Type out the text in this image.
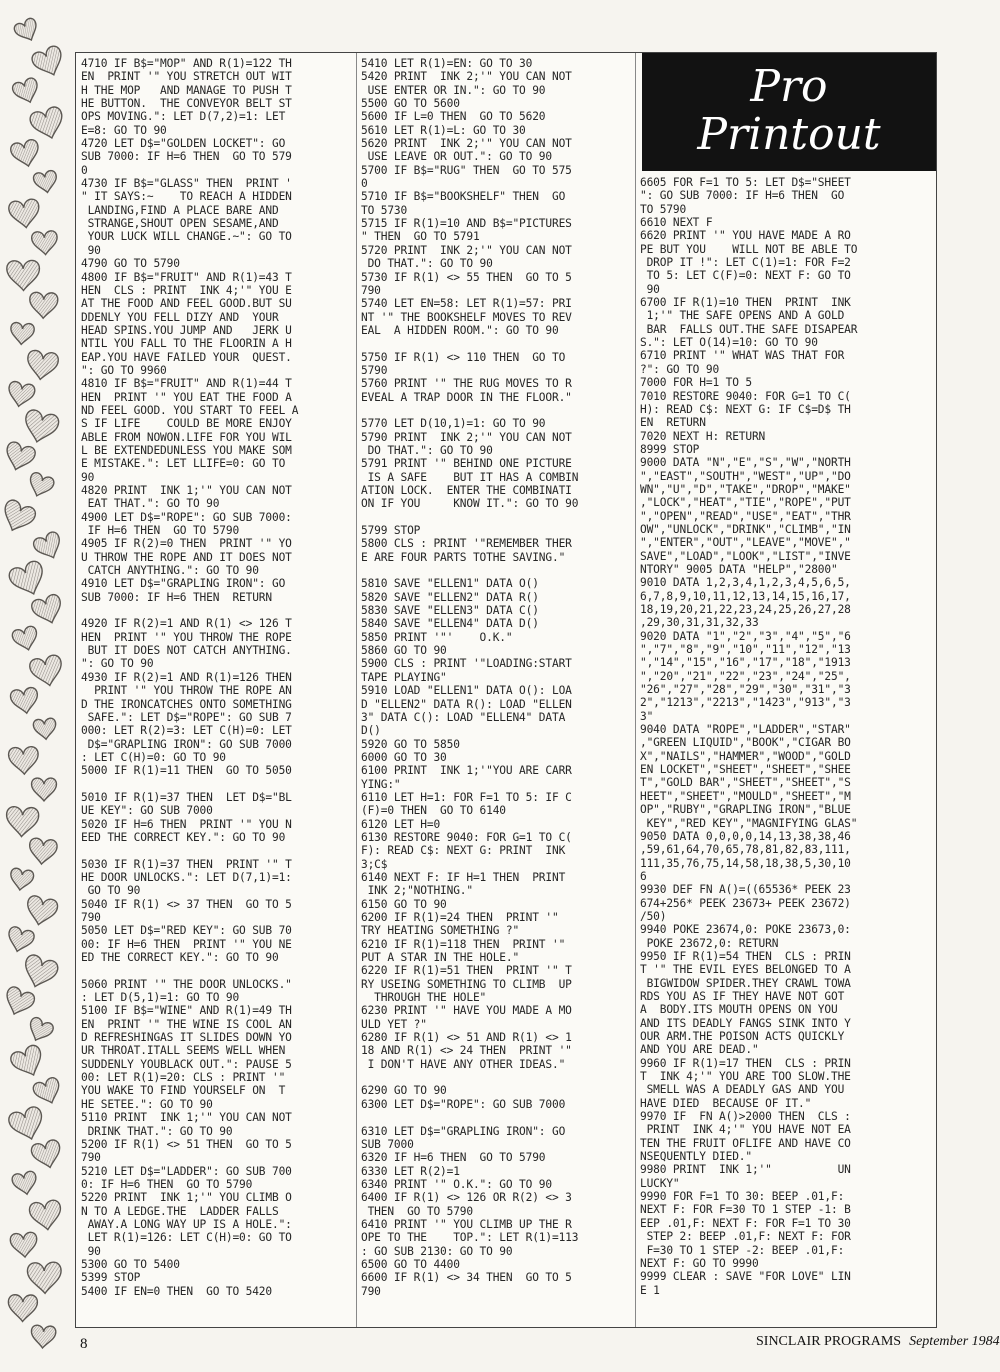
4710 IF B$="MOP" AND R(1)=122 TH
EN  PRINT '" YOU STRETCH OUT WIT
H THE MOP   AND MANAGE TO PUSH T
HE BUTTON.  THE CONVEYOR BELT ST
OPS MOVING.": LET D(7,2)=1: LET
E=8: GO TO 90
4720 LET D$="GOLDEN LOCKET": GO
SUB 7000: IF H=6 THEN  GO TO 579
0
4730 IF B$="GLASS" THEN  PRINT '
" IT SAYS:~    TO REACH A HIDDEN
LANDING,FIND A PLACE BARE AND
STRANGE,SHOUT OPEN SESAME,AND
YOUR LUCK WILL CHANGE.~": GO TO
90
4790 GO TO 5790
4800 IF B$="FRUIT" AND R(1)=43 T
HEN  CLS : PRINT  INK 4;'" YOU E
AT THE FOOD AND FEEL GOOD.BUT SU
DDENLY YOU FELL DIZY AND  YOUR
HEAD SPINS.YOU JUMP AND   JERK U
NTIL YOU FALL TO THE FLOORIN A H
EAP.YOU HAVE FAILED YOUR  QUEST.
": GO TO 9960
4810 IF B$="FRUIT" AND R(1)=44 T
HEN  PRINT '" YOU EAT THE FOOD A
ND FEEL GOOD. YOU START TO FEEL A
S IF LIFE    COULD BE MORE ENJOY
ABLE FROM NOWON.LIFE FOR YOU WIL
L BE EXTENDEDUNLESS YOU MAKE SOM
E MISTAKE.": LET LLIFE=0: GO TO
90
4820 PRINT  INK 1;'" YOU CAN NOT
EAT THAT.": GO TO 90
4900 LET D$="ROPE": GO SUB 7000:
IF H=6 THEN  GO TO 5790
4905 IF R(2)=0 THEN  PRINT '" YO
U THROW THE ROPE AND IT DOES NOT
CATCH ANYTHING.": GO TO 90
4910 LET D$="GRAPLING IRON": GO
SUB 7000: IF H=6 THEN  RETURN

4920 IF R(2)=1 AND R(1) <> 126 T
HEN  PRINT '" YOU THROW THE ROPE
BUT IT DOES NOT CATCH ANYTHING.
": GO TO 90
4930 IF R(2)=1 AND R(1)=126 THEN
PRINT '" YOU THROW THE ROPE AN
D THE IRONCATCHES ONTO SOMETHING
SAFE.": LET D$="ROPE": GO SUB 7
000: LET R(2)=3: LET C(H)=0: LET
D$="GRAPLING IRON": GO SUB 7000
: LET C(H)=0: GO TO 90
5000 IF R(1)=11 THEN  GO TO 5050

5010 IF R(1)=37 THEN  LET D$="BL
UE KEY": GO SUB 7000
5020 IF H=6 THEN  PRINT '" YOU N
EED THE CORRECT KEY.": GO TO 90

5030 IF R(1)=37 THEN  PRINT '" T
HE DOOR UNLOCKS.": LET D(7,1)=1:
GO TO 90
5040 IF R(1) <> 37 THEN  GO TO 5
790
5050 LET D$="RED KEY": GO SUB 70
00: IF H=6 THEN  PRINT '" YOU NE
ED THE CORRECT KEY.": GO TO 90

5060 PRINT '" THE DOOR UNLOCKS."
: LET D(5,1)=1: GO TO 90
5100 IF B$="WINE" AND R(1)=49 TH
EN  PRINT '" THE WINE IS COOL AN
D REFRESHINGAS IT SLIDES DOWN YO
UR THROAT.ITALL SEEMS WELL WHEN
SUDDENLY YOUBLACK OUT.": PAUSE 5
00: LET R(1)=20: CLS : PRINT '"
YOU WAKE TO FIND YOURSELF ON  T
HE SETEE.": GO TO 90
5110 PRINT  INK 1;'" YOU CAN NOT
DRINK THAT.": GO TO 90
5200 IF R(1) <> 51 THEN  GO TO 5
790
5210 LET D$="LADDER": GO SUB 700
0: IF H=6 THEN  GO TO 5790
5220 PRINT  INK 1;'" YOU CLIMB O
N TO A LEDGE.THE  LADDER FALLS
AWAY.A LONG WAY UP IS A HOLE.":
LET R(1)=126: LET C(H)=0: GO TO
90
5300 GO TO 5400
5399 STOP
5400 IF EN=0 THEN  GO TO 5420
5410 LET R(1)=EN: GO TO 30
5420 PRINT  INK 2;'" YOU CAN NOT
USE ENTER OR IN.": GO TO 90
5500 GO TO 5600
5600 IF L=0 THEN  GO TO 5620
5610 LET R(1)=L: GO TO 30
5620 PRINT  INK 2;'" YOU CAN NOT
USE LEAVE OR OUT.": GO TO 90
5700 IF B$="RUG" THEN  GO TO 575
0
5710 IF B$="BOOKSHELF" THEN  GO
TO 5730
5715 IF R(1)=10 AND B$="PICTURES
" THEN  GO TO 5791
5720 PRINT  INK 2;'" YOU CAN NOT
DO THAT.": GO TO 90
5730 IF R(1) <> 55 THEN  GO TO 5
790
5740 LET EN=58: LET R(1)=57: PRI
NT '" THE BOOKSHELF MOVES TO REV
EAL  A HIDDEN ROOM.": GO TO 90

5750 IF R(1) <> 110 THEN  GO TO
5790
5760 PRINT '" THE RUG MOVES TO R
EVEAL A TRAP DOOR IN THE FLOOR."

5770 LET D(10,1)=1: GO TO 90
5790 PRINT  INK 2;'" YOU CAN NOT
DO THAT.": GO TO 90
5791 PRINT '" BEHIND ONE PICTURE
IS A SAFE    BUT IT HAS A COMBIN
ATION LOCK.  ENTER THE COMBINATI
ON IF YOU     KNOW IT.": GO TO 90

5799 STOP
5800 CLS : PRINT '"REMEMBER THER
E ARE FOUR PARTS TOTHE SAVING."

5810 SAVE "ELLEN1" DATA O()
5820 SAVE "ELLEN2" DATA R()
5830 SAVE "ELLEN3" DATA C()
5840 SAVE "ELLEN4" DATA D()
5850 PRINT '"'    O.K."
5860 GO TO 90
5900 CLS : PRINT '"LOADING:START
TAPE PLAYING"
5910 LOAD "ELLEN1" DATA O(): LOA
D "ELLEN2" DATA R(): LOAD "ELLEN
3" DATA C(): LOAD "ELLEN4" DATA
D()
5920 GO TO 5850
6000 GO TO 30
6100 PRINT  INK 1;'"YOU ARE CARR
YING:"
6110 LET H=1: FOR F=1 TO 5: IF C
(F)=0 THEN  GO TO 6140
6120 LET H=0
6130 RESTORE 9040: FOR G=1 TO C(
F): READ C$: NEXT G: PRINT  INK
3;C$
6140 NEXT F: IF H=1 THEN  PRINT
INK 2;"NOTHING."
6150 GO TO 90
6200 IF R(1)=24 THEN  PRINT '"
TRY HEATING SOMETHING ?"
6210 IF R(1)=118 THEN  PRINT '"
PUT A STAR IN THE HOLE."
6220 IF R(1)=51 THEN  PRINT '" T
RY USEING SOMETHING TO CLIMB  UP
THROUGH THE HOLE"
6230 PRINT '" HAVE YOU MADE A MO
ULD YET ?"
6280 IF R(1) <> 51 AND R(1) <> 1
18 AND R(1) <> 24 THEN  PRINT '"
I DON'T HAVE ANY OTHER IDEAS."

6290 GO TO 90
6300 LET D$="ROPE": GO SUB 7000

6310 LET D$="GRAPLING IRON": GO
SUB 7000
6320 IF H=6 THEN  GO TO 5790
6330 LET R(2)=1
6340 PRINT '" O.K.": GO TO 90
6400 IF R(1) <> 126 OR R(2) <> 3
THEN  GO TO 5790
6410 PRINT '" YOU CLIMB UP THE R
OPE TO THE    TOP.": LET R(1)=113
: GO SUB 2130: GO TO 90
6500 GO TO 4400
6600 IF R(1) <> 34 THEN  GO TO 5
790
Pro
Printout
6605 FOR F=1 TO 5: LET D$="SHEET
": GO SUB 7000: IF H=6 THEN  GO
TO 5790
6610 NEXT F
6620 PRINT '" YOU HAVE MADE A RO
PE BUT YOU    WILL NOT BE ABLE TO
DROP IT !": LET C(1)=1: FOR F=2
TO 5: LET C(F)=0: NEXT F: GO TO
90
6700 IF R(1)=10 THEN  PRINT  INK
1;'" THE SAFE OPENS AND A GOLD
BAR  FALLS OUT.THE SAFE DISAPEAR
S.": LET O(14)=10: GO TO 90
6710 PRINT '" WHAT WAS THAT FOR
?": GO TO 90
7000 FOR H=1 TO 5
7010 RESTORE 9040: FOR G=1 TO C(
H): READ C$: NEXT G: IF C$=D$ TH
EN  RETURN
7020 NEXT H: RETURN
8999 STOP
9000 DATA "N","E","S","W","NORTH
","EAST","SOUTH","WEST","UP","DO
WN","U","D","TAKE","DROP","MAKE"
,"LOCK","HEAT","TIE","ROPE","PUT
","OPEN","READ","USE","EAT","THR
OW","UNLOCK","DRINK","CLIMB","IN
","ENTER","OUT","LEAVE","MOVE","
SAVE","LOAD","LOOK","LIST","INVE
NTORY" 9005 DATA "HELP","2800"
9010 DATA 1,2,3,4,1,2,3,4,5,6,5,
6,7,8,9,10,11,12,13,14,15,16,17,
18,19,20,21,22,23,24,25,26,27,28
,29,30,31,31,32,33
9020 DATA "1","2","3","4","5","6
","7","8","9","10","11","12","13
","14","15","16","17","18","1913
","20","21","22","23","24","25",
"26","27","28","29","30","31","3
2","1213","2213","1423","913","3
3"
9040 DATA "ROPE","LADDER","STAR"
,"GREEN LIQUID","BOOK","CIGAR BO
X","NAILS","HAMMER","WOOD","GOLD
EN LOCKET","SHEET","SHEET","SHEE
T","GOLD BAR","SHEET","SHEET","S
HEET","SHEET","MOULD","SHEET","M
OP","RUBY","GRAPLING IRON","BLUE
KEY","RED KEY","MAGNIFYING GLAS"
9050 DATA 0,0,0,0,14,13,38,38,46
,59,61,64,70,65,78,81,82,83,111,
111,35,76,75,14,58,18,38,5,30,10
6
9930 DEF FN A()=((65536* PEEK 23
674+256* PEEK 23673+ PEEK 23672)
/50)
9940 POKE 23674,0: POKE 23673,0:
POKE 23672,0: RETURN
9950 IF R(1)=54 THEN  CLS : PRIN
T '" THE EVIL EYES BELONGED TO A
BIGWIDOW SPIDER.THEY CRAWL TOWA
RDS YOU AS IF THEY HAVE NOT GOT
A  BODY.ITS MOUTH OPENS ON YOU
AND ITS DEADLY FANGS SINK INTO Y
OUR ARM.THE POISON ACTS QUICKLY
AND YOU ARE DEAD."
9960 IF R(1)=17 THEN  CLS : PRIN
T  INK 4;'" YOU ARE TOO SLOW.THE
SMELL WAS A DEADLY GAS AND YOU
HAVE DIED  BECAUSE OF IT."
9970 IF  FN A()>2000 THEN  CLS :
PRINT  INK 4;'" YOU HAVE NOT EA
TEN THE FRUIT OFLIFE AND HAVE CO
NSEQUENTLY DIED."
9980 PRINT  INK 1;'"          UN
LUCKY"
9990 FOR F=1 TO 30: BEEP .01,F:
NEXT F: FOR F=30 TO 1 STEP -1: B
EEP .01,F: NEXT F: FOR F=1 TO 30
STEP 2: BEEP .01,F: NEXT F: FOR
F=30 TO 1 STEP -2: BEEP .01,F:
NEXT F: GO TO 9990
9999 CLEAR : SAVE "FOR LOVE" LIN
E 1
8	SINCLAIR PROGRAMS September 1984
